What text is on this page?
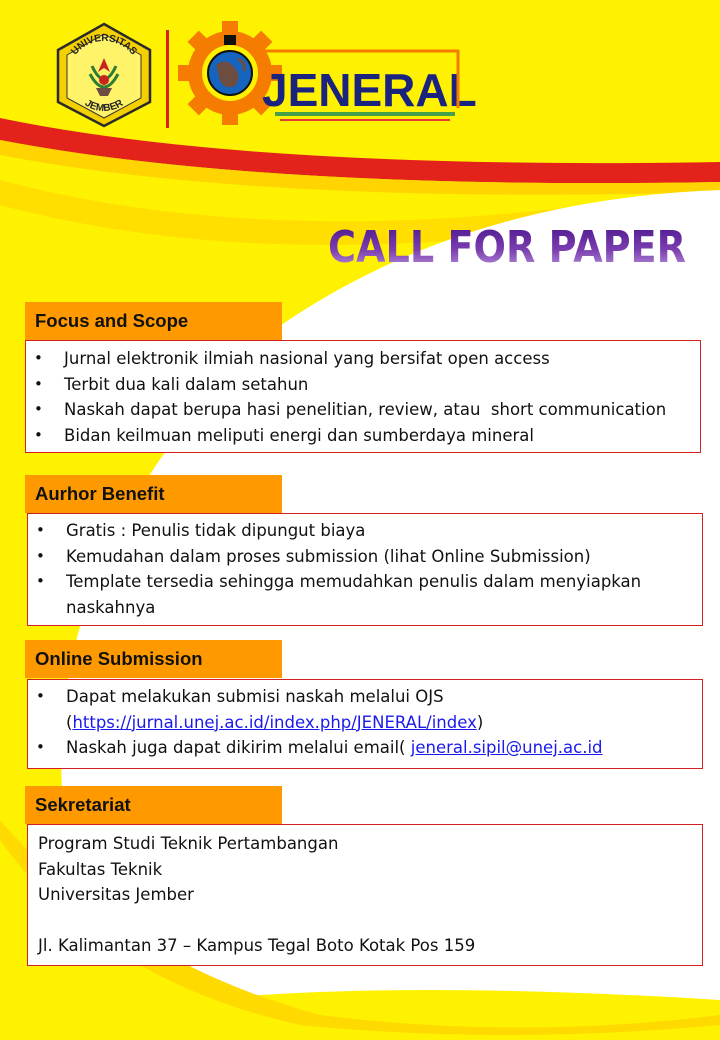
UNIVERSITAS
JEMBER	JENERAL
CALL FOR PAPER
Focus and Scope
• Jurnal elektronik ilmiah nasional yang bersifat open access
• Terbit dua kali dalam setahun
• Naskah dapat berupa hasi penelitian, review, atau  short communication
• Bidan keilmuan meliputi energi dan sumberdaya mineral
Aurhor Benefit
• Gratis : Penulis tidak dipungut biaya
• Kemudahan dalam proses submission (lihat Online Submission)
• Template tersedia sehingga memudahkan penulis dalam menyiapkan naskahnya
Online Submission
• Dapat melakukan submisi naskah melalui OJS
(https://jurnal.unej.ac.id/index.php/JENERAL/index)
• Naskah juga dapat dikirim melalui email( jeneral.sipil@unej.ac.id
Sekretariat
Program Studi Teknik Pertambangan
Fakultas Teknik
Universitas Jember
Jl. Kalimantan 37 – Kampus Tegal Boto Kotak Pos 159
